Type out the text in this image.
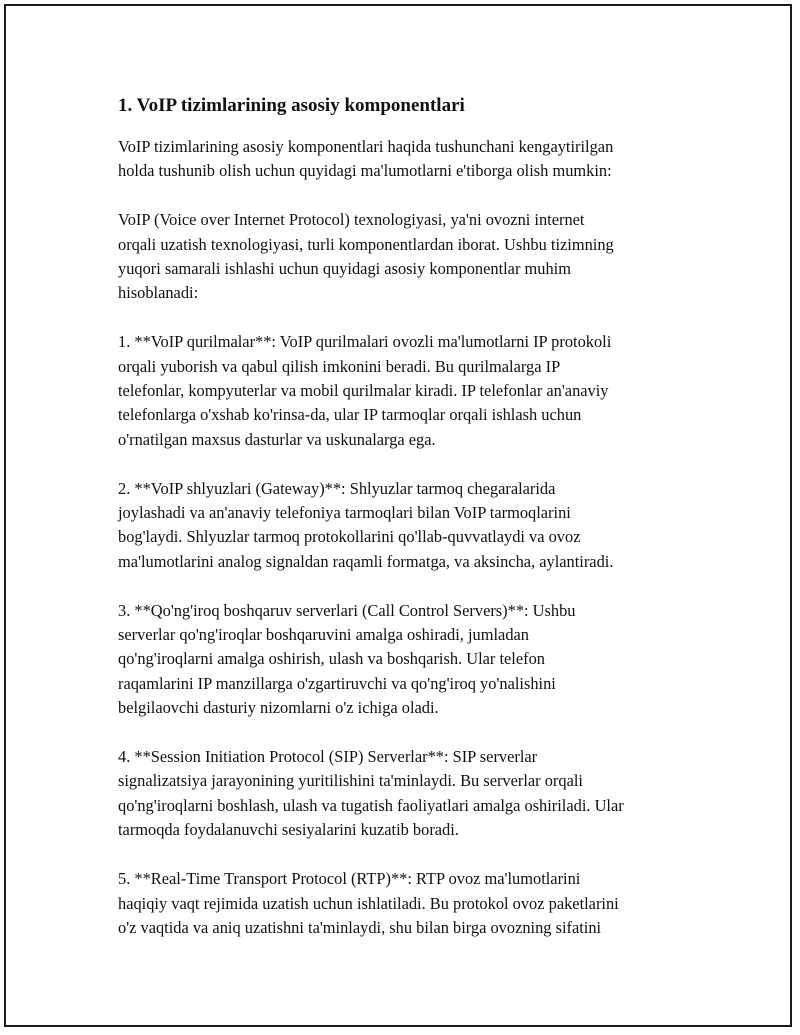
1. VoIP tizimlarining asosiy komponentlari
VoIP tizimlarining asosiy komponentlari haqida tushunchani kengaytirilgan
holda tushunib olish uchun quyidagi ma'lumotlarni e'tiborga olish mumkin:
VoIP (Voice over Internet Protocol) texnologiyasi, ya'ni ovozni internet
orqali uzatish texnologiyasi, turli komponentlardan iborat. Ushbu tizimning
yuqori samarali ishlashi uchun quyidagi asosiy komponentlar muhim
hisoblanadi:
1. **VoIP qurilmalar**: VoIP qurilmalari ovozli ma'lumotlarni IP protokoli
orqali yuborish va qabul qilish imkonini beradi. Bu qurilmalarga IP
telefonlar, kompyuterlar va mobil qurilmalar kiradi. IP telefonlar an'anaviy
telefonlarga o'xshab ko'rinsa-da, ular IP tarmoqlar orqali ishlash uchun
o'rnatilgan maxsus dasturlar va uskunalarga ega.
2. **VoIP shlyuzlari (Gateway)**: Shlyuzlar tarmoq chegaralarida
joylashadi va an'anaviy telefoniya tarmoqlari bilan VoIP tarmoqlarini
bog'laydi. Shlyuzlar tarmoq protokollarini qo'llab-quvvatlaydi va ovoz
ma'lumotlarini analog signaldan raqamli formatga, va aksincha, aylantiradi.
3. **Qo'ng'iroq boshqaruv serverlari (Call Control Servers)**: Ushbu
serverlar qo'ng'iroqlar boshqaruvini amalga oshiradi, jumladan
qo'ng'iroqlarni amalga oshirish, ulash va boshqarish. Ular telefon
raqamlarini IP manzillarga o'zgartiruvchi va qo'ng'iroq yo'nalishini
belgilaovchi dasturiy nizomlarni o'z ichiga oladi.
4. **Session Initiation Protocol (SIP) Serverlar**: SIP serverlar
signalizatsiya jarayonining yuritilishini ta'minlaydi. Bu serverlar orqali
qo'ng'iroqlarni boshlash, ulash va tugatish faoliyatlari amalga oshiriladi. Ular
tarmoqda foydalanuvchi sesiyalarini kuzatib boradi.
5. **Real-Time Transport Protocol (RTP)**: RTP ovoz ma'lumotlarini
haqiqiy vaqt rejimida uzatish uchun ishlatiladi. Bu protokol ovoz paketlarini
o'z vaqtida va aniq uzatishni ta'minlaydi, shu bilan birga ovozning sifatini
